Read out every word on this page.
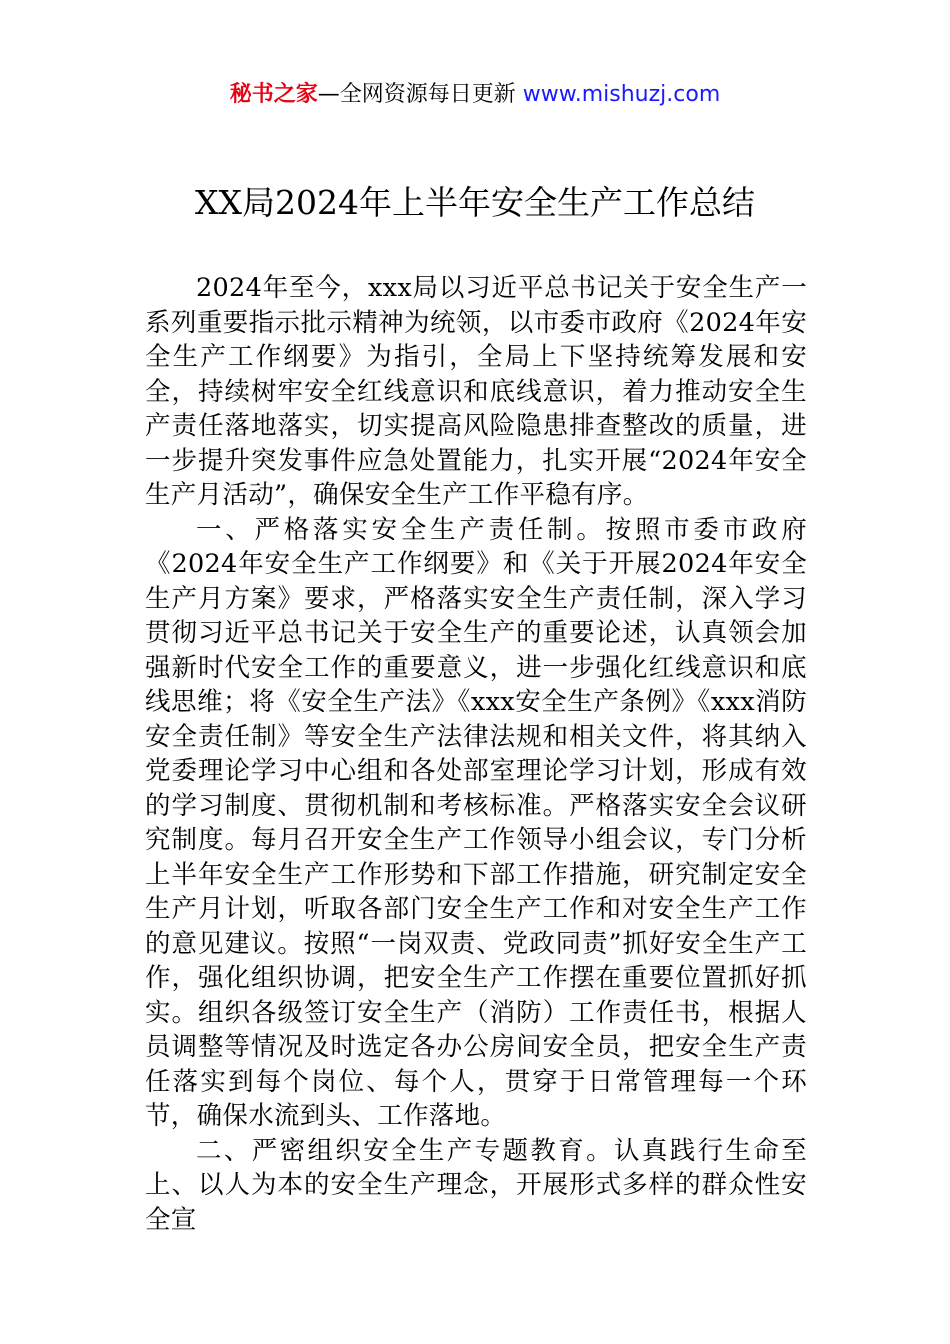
秘书之家—全网资源每日更新 www.mishuzj.com
XX局2024年上半年安全生产工作总结

2024年至今，xxx局以习近平总书记关于安全生产一系列重要指示批示精神为统领，以市委市政府《2024年安全生产工作纲要》为指引，全局上下坚持统筹发展和安全，持续树牢安全红线意识和底线意识，着力推动安全生产责任落地落实，切实提高风险隐患排查整改的质量，进一步提升突发事件应急处置能力，扎实开展“2024年安全生产月活动”，确保安全生产工作平稳有序。

一、严格落实安全生产责任制。按照市委市政府《2024年安全生产工作纲要》和《关于开展2024年安全生产月方案》要求，严格落实安全生产责任制，深入学习贯彻习近平总书记关于安全生产的重要论述，认真领会加强新时代安全工作的重要意义，进一步强化红线意识和底线思维；将《安全生产法》《xxx安全生产条例》《xxx消防安全责任制》等安全生产法律法规和相关文件，将其纳入党委理论学习中心组和各处部室理论学习计划，形成有效的学习制度、贯彻机制和考核标准。严格落实安全会议研究制度。每月召开安全生产工作领导小组会议，专门分析上半年安全生产工作形势和下部工作措施，研究制定安全生产月计划，听取各部门安全生产工作和对安全生产工作的意见建议。按照“一岗双责、党政同责”抓好安全生产工作，强化组织协调，把安全生产工作摆在重要位置抓好抓实。组织各级签订安全生产（消防）工作责任书，根据人员调整等情况及时选定各办公房间安全员，把安全生产责任落实到每个岗位、每个人，贯穿于日常管理每一个环节，确保水流到头、工作落地。

二、严密组织安全生产专题教育。认真践行生命至上、以人为本的安全生产理念，开展形式多样的群众性安全宣
